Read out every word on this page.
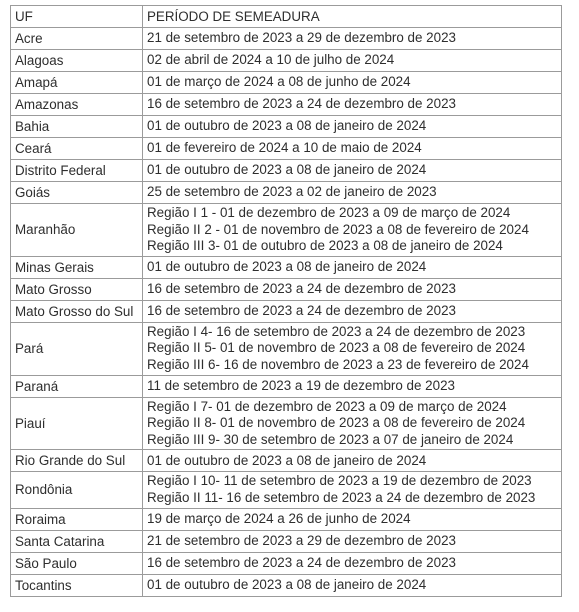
UF	PERÍODO DE SEMEADURA
Acre	21 de setembro de 2023 a 29 de dezembro de 2023

Alagoas	02 de abril de 2024 a 10 de julho de 2024

Amapá	01 de março de 2024 a 08 de junho de 2024

Amazonas	16 de setembro de 2023 a 24 de dezembro de 2023

Bahia	01 de outubro de 2023 a 08 de janeiro de 2024

Ceará	01 de fevereiro de 2024 a 10 de maio de 2024

Distrito Federal	01 de outubro de 2023 a 08 de janeiro de 2024

Goiás	25 de setembro de 2023 a 02 de janeiro de 2023

Maranhão	Região I 1 - 01 de dezembro de 2023 a 09 de março de 2024
Região II 2 - 01 de novembro de 2023 a 08 de fevereiro de 2024
Região III 3- 01 de outubro de 2023 a 08 de janeiro de 2024

Minas Gerais	01 de outubro de 2023 a 08 de janeiro de 2024

Mato Grosso	16 de setembro de 2023 a 24 de dezembro de 2023

Mato Grosso do Sul	16 de setembro de 2023 a 24 de dezembro de 2023

Pará	Região I 4- 16 de setembro de 2023 a 24 de dezembro de 2023
Região II 5- 01 de novembro de 2023 a 08 de fevereiro de 2024
Região III 6- 16 de novembro de 2023 a 23 de fevereiro de 2024

Paraná	11 de setembro de 2023 a 19 de dezembro de 2023

Piauí	Região I 7- 01 de dezembro de 2023 a 09 de março de 2024
Região II 8- 01 de novembro de 2023 a 08 de fevereiro de 2024
Região III 9- 30 de setembro de 2023 a 07 de janeiro de 2024

Rio Grande do Sul	01 de outubro de 2023 a 08 de janeiro de 2024

Rondônia	Região I 10- 11 de setembro de 2023 a 19 de dezembro de 2023
Região II 11- 16 de setembro de 2023 a 24 de dezembro de 2023

Roraima	19 de março de 2024 a 26 de junho de 2024

Santa Catarina	21 de setembro de 2023 a 29 de dezembro de 2023

São Paulo	16 de setembro de 2023 a 24 de dezembro de 2023

Tocantins	01 de outubro de 2023 a 08 de janeiro de 2024
